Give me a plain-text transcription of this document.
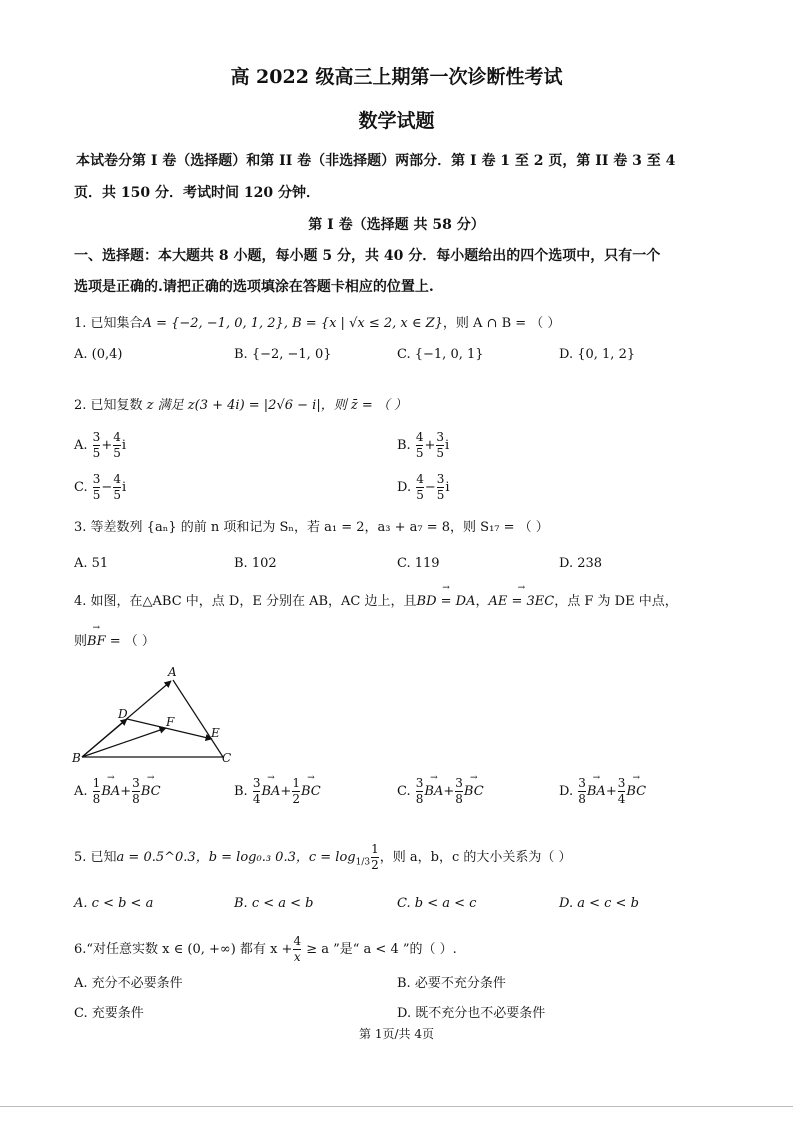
高 2022 级高三上期第一次诊断性考试
数学试题
本试卷分第 I 卷（选择题）和第 II 卷（非选择题）两部分．第 I 卷 1 至 2 页，第 II 卷 3 至 4
页．共 150 分．考试时间 120 分钟．
第 I 卷（选择题 共 58 分）
一、选择题：本大题共 8 小题，每小题 5 分，共 40 分．每小题给出的四个选项中，只有一个
选项是正确的.请把正确的选项填涂在答题卡相应的位置上.
1. 已知集合A = {−2, −1, 0, 1, 2}, B = {x | √x ≤ 2, x ∈ Z}，则 A ∩ B = （ ）
A. (0,4)	B. {−2, −1, 0}	C. {−1, 0, 1}	D. {0, 1, 2}
2. 已知复数 z 满足 z(3 + 4i) = |2√6 − i|，则 z̄ = （ ）
A. $\frac{3}{5} + \frac{4}{5}$ i	B. $\frac{4}{5} + \frac{3}{5}$ i
C. $\frac{3}{5} - \frac{4}{5}$ i	D. $\frac{4}{5} - \frac{3}{5}$ i
3. 等差数列 {aₙ} 的前 n 项和记为 Sₙ，若 a₁ = 2，a₃ + a₇ = 8，则 S₁₇ = （ ）
A. 51	B. 102	C. 119	D. 238
4. 如图，在△ABC 中，点 D，E 分别在 AB，AC 边上，且→ BD = DA，→ AE = 3EC，点 F 为 DE 中点，
则→ BF = （ ）
A
B	C
D
E
F
A. $\frac{1}{8}$
→ $BA+ \frac{3}{8}$
→ BC	B. $\frac{3}{4}$
→ $BA+ \frac{1}{2}$
→ BC	C. $\frac{3}{8}$
→ $BA+ \frac{3}{8}$
→ BC	D. $\frac{3}{8}$
→ $BA+ \frac{3}{4}$
→ BC
5. 已知a = 0.5^0.3，b = log₀.₃ 0.3，$c = \log_{1/3} \frac{1}{2}$ ，则 a，b，c 的大小关系为（ ）
A. c < b < a	B. c < a < b	C. b < a < c	D. a < c < b
6.“对任意实数 x ∈ (0, +∞) 都有 $x + \frac{4}{x} \ge a$ ”是“ a < 4 ”的（ ）.
A. 充分不必要条件	B. 必要不充分条件
C. 充要条件	D. 既不充分也不必要条件
第 1页/共 4页
